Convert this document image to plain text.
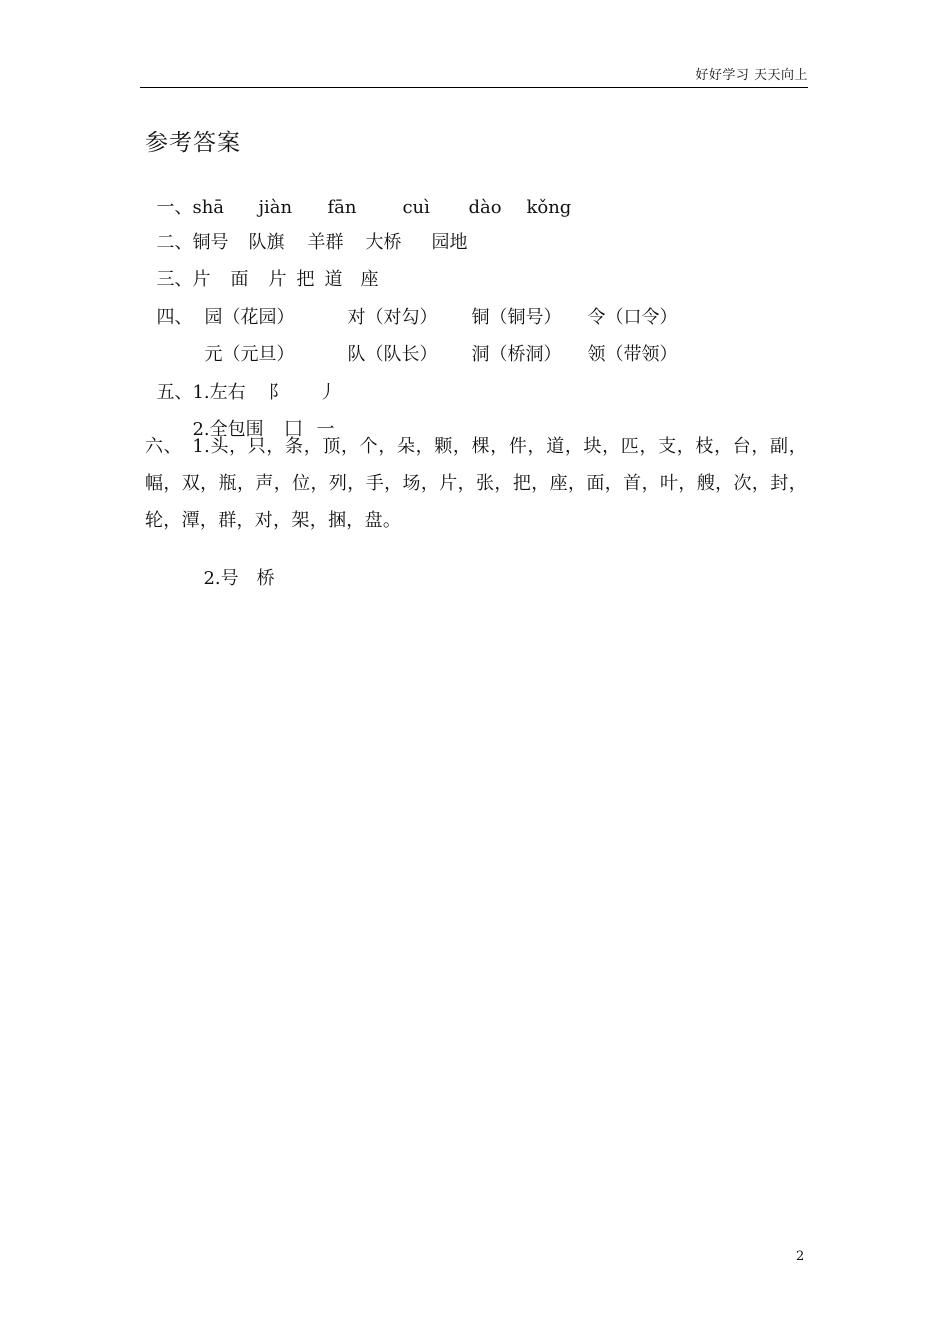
好好学习 天天向上
参考答案

一、shā jiàn fān	cuì dào kǒng

二、铜号 队旗 羊群 大桥 园地

三、片 面 片 把 道 座

四、 园（花园）	对（对勾） 铜（铜号） 令（口令）

元（元旦）	队（队长） 洞（桥洞） 领（带领）

五、1.左右 阝 丿

2.全包围 囗 一

六、 1.头，只，条，顶，个，朵，颗，棵，件，道，块，匹，支，枝，台，副，幅，双，瓶，声，位，列，手，场，片，张，把，座，面，首，叶，艘，次，封，轮，潭，群，对，架，捆，盘。

2.号　桥

2
